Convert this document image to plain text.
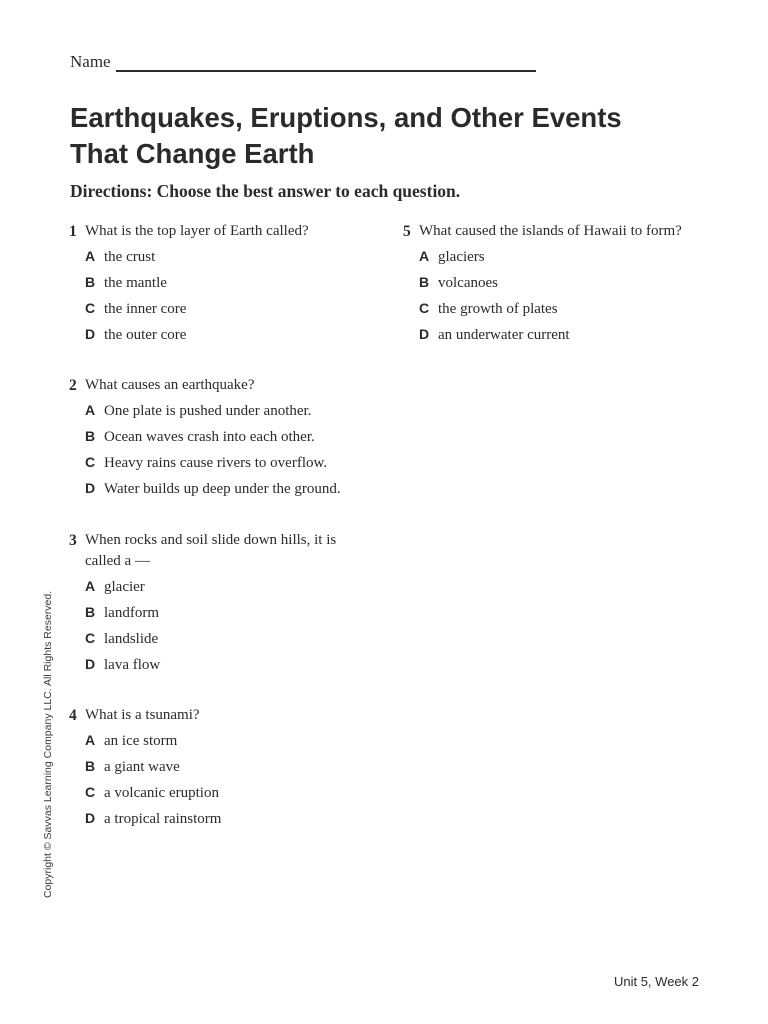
Name
Earthquakes, Eruptions, and Other Events
That Change Earth

Directions: Choose the best answer to each question.

1 What is the top layer of Earth called?
A the crust
B the mantle
C the inner core
D the outer core
2 What causes an earthquake?
A One plate is pushed under another.
B Ocean waves crash into each other.
C Heavy rains cause rivers to overflow.
D Water builds up deep under the ground.
3 When rocks and soil slide down hills, it is called a —
A glacier
B landform
C landslide
D lava flow
4 What is a tsunami?
A an ice storm
B a giant wave
C a volcanic eruption
D a tropical rainstorm
5 What caused the islands of Hawaii to form?
A glaciers
B volcanoes
C the growth of plates
D an underwater current
Copyright © Savvas Learning Company LLC. All Rights Reserved.
Unit 5, Week 2
